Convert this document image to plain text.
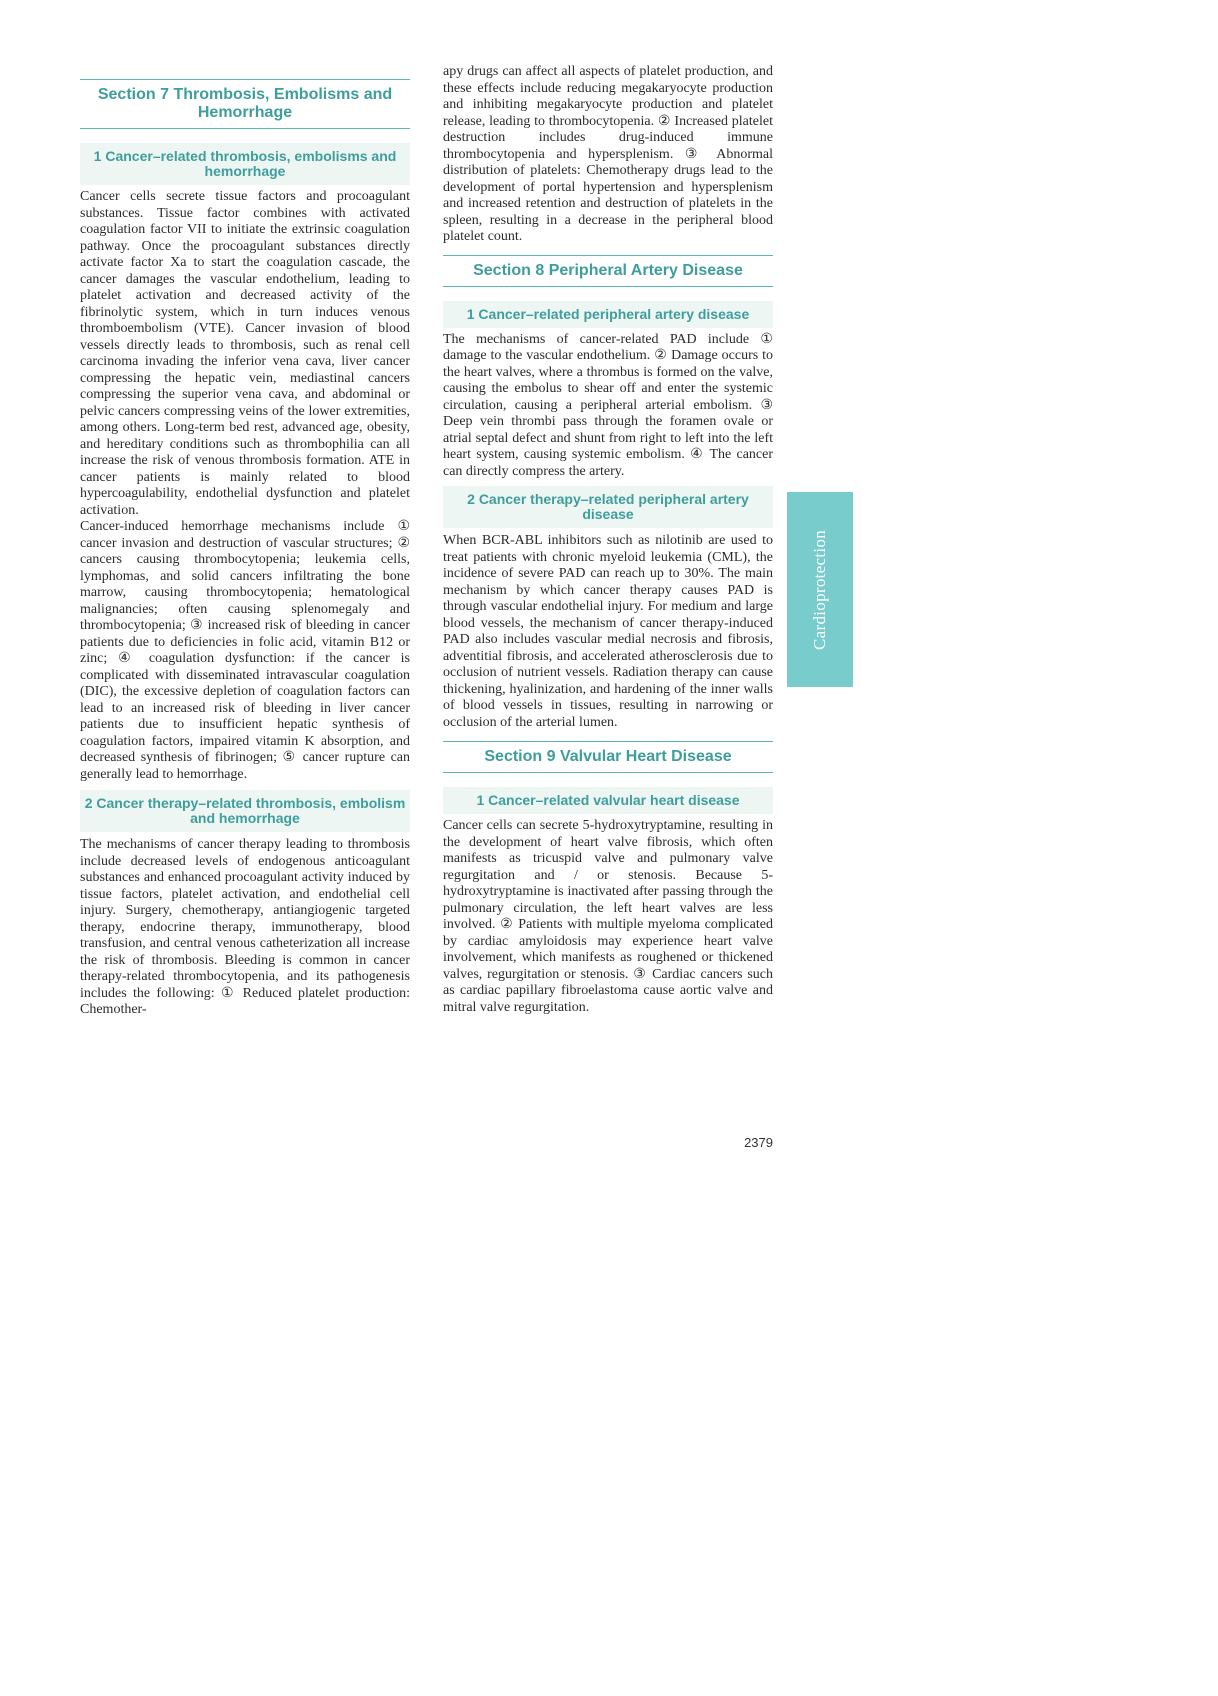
Section 7 Thrombosis, Embolisms and Hemorrhage
1 Cancer–related thrombosis, embolisms and hemorrhage

Cancer cells secrete tissue factors and procoagulant substances. Tissue factor combines with activated coagulation factor VII to initiate the extrinsic coagulation pathway. Once the procoagulant substances directly activate factor Xa to start the coagulation cascade, the cancer damages the vascular endothelium, leading to platelet activation and decreased activity of the fibrinolytic system, which in turn induces venous thromboembolism (VTE). Cancer invasion of blood vessels directly leads to thrombosis, such as renal cell carcinoma invading the inferior vena cava, liver cancer compressing the hepatic vein, mediastinal cancers compressing the superior vena cava, and abdominal or pelvic cancers compressing veins of the lower extremities, among others. Long-term bed rest, advanced age, obesity, and hereditary conditions such as thrombophilia can all increase the risk of venous thrombosis formation. ATE in cancer patients is mainly related to blood hypercoagulability, endothelial dysfunction and platelet activation.

Cancer-induced hemorrhage mechanisms include ① cancer invasion and destruction of vascular structures; ② cancers causing thrombocytopenia; leukemia cells, lymphomas, and solid cancers infiltrating the bone marrow, causing thrombocytopenia; hematological malignancies; often causing splenomegaly and thrombocytopenia; ③ increased risk of bleeding in cancer patients due to deficiencies in folic acid, vitamin B12 or zinc; ④ coagulation dysfunction: if the cancer is complicated with disseminated intravascular coagulation (DIC), the excessive depletion of coagulation factors can lead to an increased risk of bleeding in liver cancer patients due to insufficient hepatic synthesis of coagulation factors, impaired vitamin K absorption, and decreased synthesis of fibrinogen; ⑤ cancer rupture can generally lead to hemorrhage.

2 Cancer therapy–related thrombosis, embolism and hemorrhage

The mechanisms of cancer therapy leading to thrombosis include decreased levels of endogenous anticoagulant substances and enhanced procoagulant activity induced by tissue factors, platelet activation, and endothelial cell injury. Surgery, chemotherapy, antiangiogenic targeted therapy, endocrine therapy, immunotherapy, blood transfusion, and central venous catheterization all increase the risk of thrombosis. Bleeding is common in cancer therapy-related thrombocytopenia, and its pathogenesis includes the following: ① Reduced platelet production: Chemother-

apy drugs can affect all aspects of platelet production, and these effects include reducing megakaryocyte production and inhibiting megakaryocyte production and platelet release, leading to thrombocytopenia. ② Increased platelet destruction includes drug-induced immune thrombocytopenia and hypersplenism. ③ Abnormal distribution of platelets: Chemotherapy drugs lead to the development of portal hypertension and hypersplenism and increased retention and destruction of platelets in the spleen, resulting in a decrease in the peripheral blood platelet count.

Section 8 Peripheral Artery Disease
1 Cancer–related peripheral artery disease

The mechanisms of cancer-related PAD include ① damage to the vascular endothelium. ② Damage occurs to the heart valves, where a thrombus is formed on the valve, causing the embolus to shear off and enter the systemic circulation, causing a peripheral arterial embolism. ③ Deep vein thrombi pass through the foramen ovale or atrial septal defect and shunt from right to left into the left heart system, causing systemic embolism. ④ The cancer can directly compress the artery.

2 Cancer therapy–related peripheral artery disease

When BCR-ABL inhibitors such as nilotinib are used to treat patients with chronic myeloid leukemia (CML), the incidence of severe PAD can reach up to 30%. The main mechanism by which cancer therapy causes PAD is through vascular endothelial injury. For medium and large blood vessels, the mechanism of cancer therapy-induced PAD also includes vascular medial necrosis and fibrosis, adventitial fibrosis, and accelerated atherosclerosis due to occlusion of nutrient vessels. Radiation therapy can cause thickening, hyalinization, and hardening of the inner walls of blood vessels in tissues, resulting in narrowing or occlusion of the arterial lumen.

Section 9 Valvular Heart Disease
1 Cancer–related valvular heart disease

Cancer cells can secrete 5-hydroxytryptamine, resulting in the development of heart valve fibrosis, which often manifests as tricuspid valve and pulmonary valve regurgitation and / or stenosis. Because 5-hydroxytryptamine is inactivated after passing through the pulmonary circulation, the left heart valves are less involved. ② Patients with multiple myeloma complicated by cardiac amyloidosis may experience heart valve involvement, which manifests as roughened or thickened valves, regurgitation or stenosis. ③ Cardiac cancers such as cardiac papillary fibroelastoma cause aortic valve and mitral valve regurgitation.

Cardioprotection
2379
